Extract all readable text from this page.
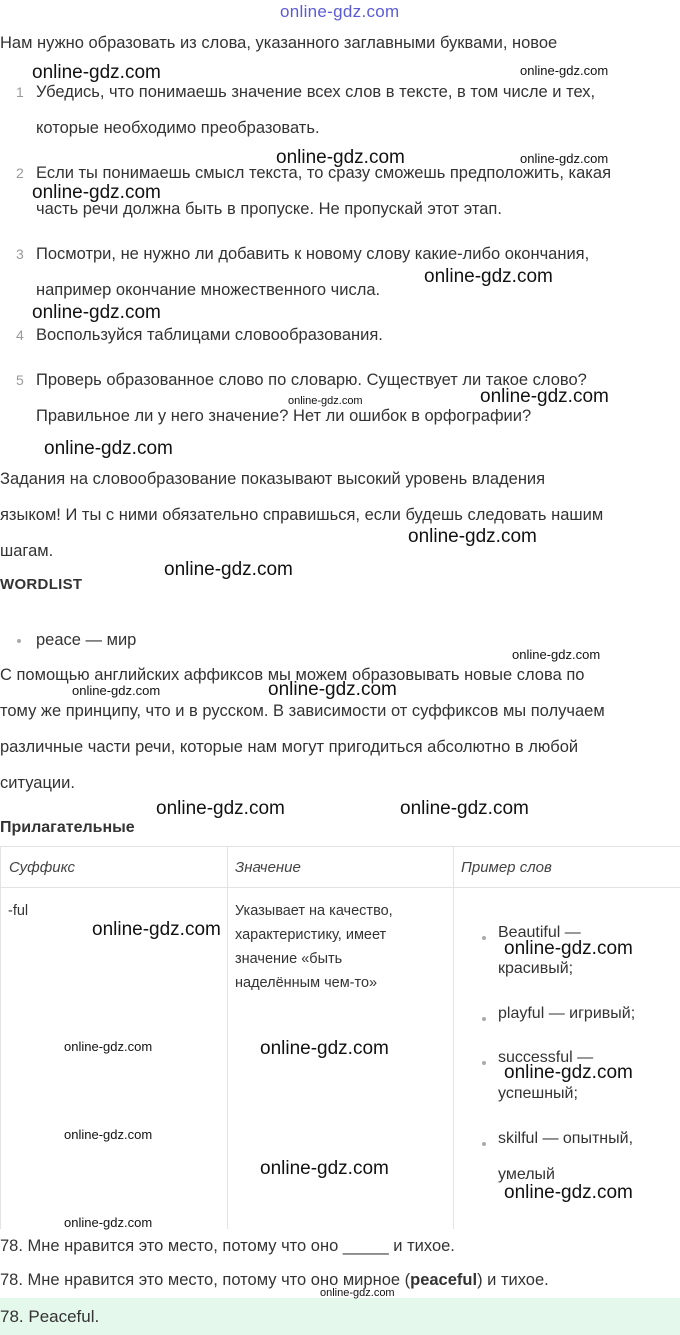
online-gdz.com
Нам нужно образовать из слова, указанного заглавными буквами, новое
1 Убедись, что понимаешь значение всех слов в тексте, в том числе и тех,
которые необходимо преобразовать.
2 Если ты понимаешь смысл текста, то сразу сможешь предположить, какая
часть речи должна быть в пропуске. Не пропускай этот этап.
3 Посмотри, не нужно ли добавить к новому слову какие-либо окончания,
например окончание множественного числа.
4 Воспользуйся таблицами словообразования.
5 Проверь образованное слово по словарю. Существует ли такое слово?
Правильное ли у него значение? Нет ли ошибок в орфографии?
Задания на словообразование показывают высокий уровень владения
языком! И ты с ними обязательно справишься, если будешь следовать нашим
шагам.
WORDLIST
peace — мир
С помощью английских аффиксов мы можем образовывать новые слова по
тому же принципу, что и в русском. В зависимости от суффиксов мы получаем
различные части речи, которые нам могут пригодиться абсолютно в любой
ситуации.
Прилагательные
Суффикс	Значение	Пример слов
-ful	Указывает на качество,
характеристику, имеет
значение «быть
наделённым чем-то»
Beautiful —
красивый;
playful — игривый;
successful —
успешный;
skilful — опытный,
умелый
78. Мне нравится это место, потому что оно _____ и тихое.
78. Мне нравится это место, потому что оно мирное (peaceful) и тихое.
78. Peaceful.
online-gdz.com	online-gdz.com
online-gdz.com	online-gdz.com
online-gdz.com
online-gdz.com
online-gdz.com
online-gdz.com	online-gdz.com
online-gdz.com
online-gdz.com
online-gdz.com
online-gdz.com
online-gdz.com	online-gdz.com
online-gdz.com	online-gdz.com
online-gdz.com
online-gdz.com
online-gdz.com	online-gdz.com
online-gdz.com
online-gdz.com
online-gdz.com
online-gdz.com
online-gdz.com
online-gdz.com
